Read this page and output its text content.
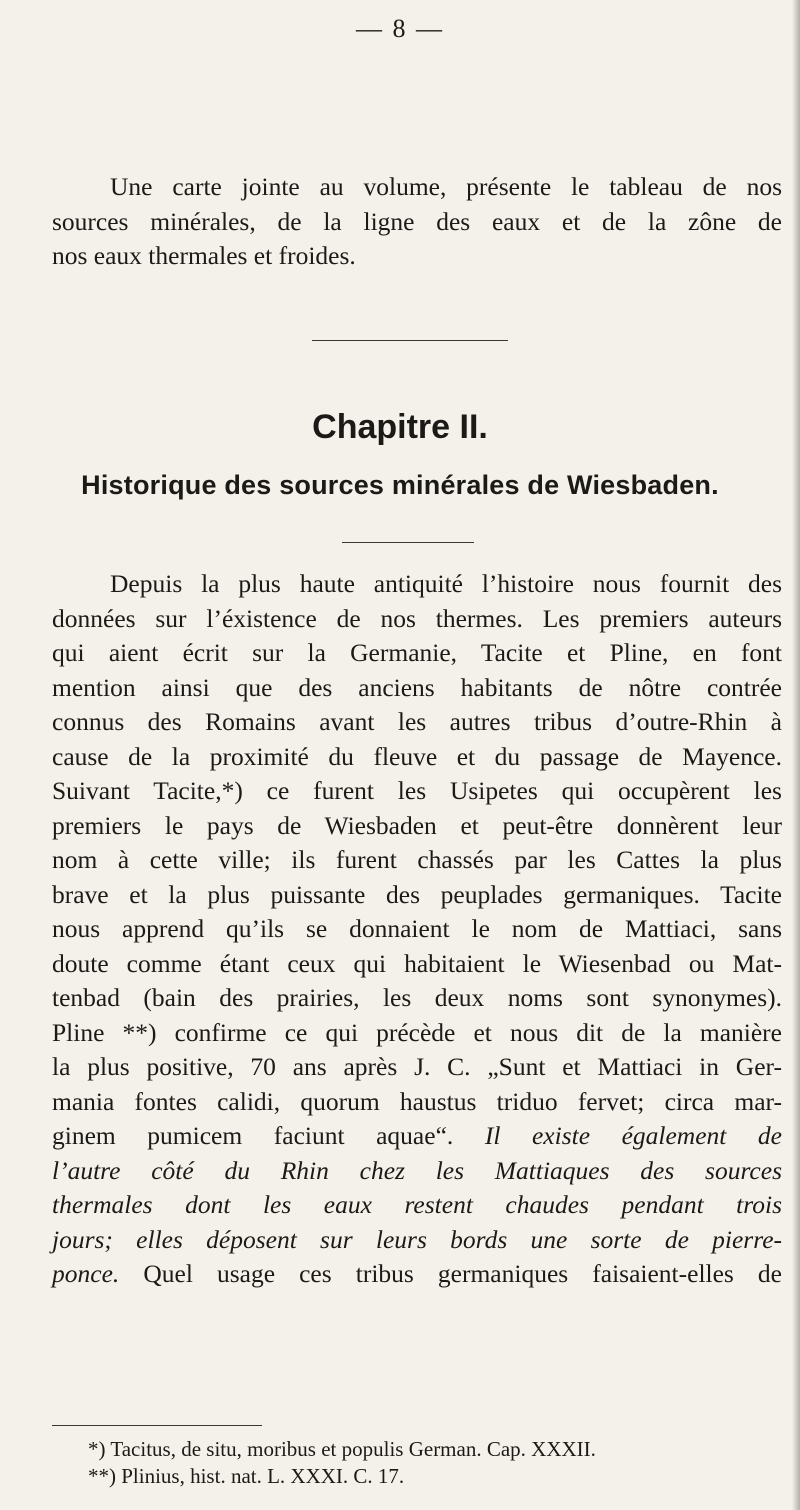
— 8 —

Une carte jointe au volume, présente le tableau de nos
sources minérales, de la ligne des eaux et de la zône de
nos eaux thermales et froides.

Chapitre II.
Historique des sources minérales de Wiesbaden.

Depuis la plus haute antiquité l’histoire nous fournit des
données sur l’éxistence de nos thermes. Les premiers auteurs
qui aient écrit sur la Germanie, Tacite et Pline, en font
mention ainsi que des anciens habitants de nôtre contrée
connus des Romains avant les autres tribus d’outre-Rhin à
cause de la proximité du fleuve et du passage de Mayence.
Suivant Tacite,*) ce furent les Usipetes qui occupèrent les
premiers le pays de Wiesbaden et peut-être donnèrent leur
nom à cette ville; ils furent chassés par les Cattes la plus
brave et la plus puissante des peuplades germaniques. Tacite
nous apprend qu’ils se donnaient le nom de Mattiaci, sans
doute comme étant ceux qui habitaient le Wiesenbad ou Mat-
tenbad (bain des prairies, les deux noms sont synonymes).
Pline **) confirme ce qui précède et nous dit de la manière
la plus positive, 70 ans après J. C. „Sunt et Mattiaci in Ger-
mania fontes calidi, quorum haustus triduo fervet; circa mar-
ginem pumicem faciunt aquae“. Il existe également de
l’autre côté du Rhin chez les Mattiaques des sources
thermales dont les eaux restent chaudes pendant trois
jours; elles déposent sur leurs bords une sorte de pierre-
ponce. Quel usage ces tribus germaniques faisaient-elles de

*) Tacitus, de situ, moribus et populis German. Cap. XXXII.
**) Plinius, hist. nat. L. XXXI. C. 17.
